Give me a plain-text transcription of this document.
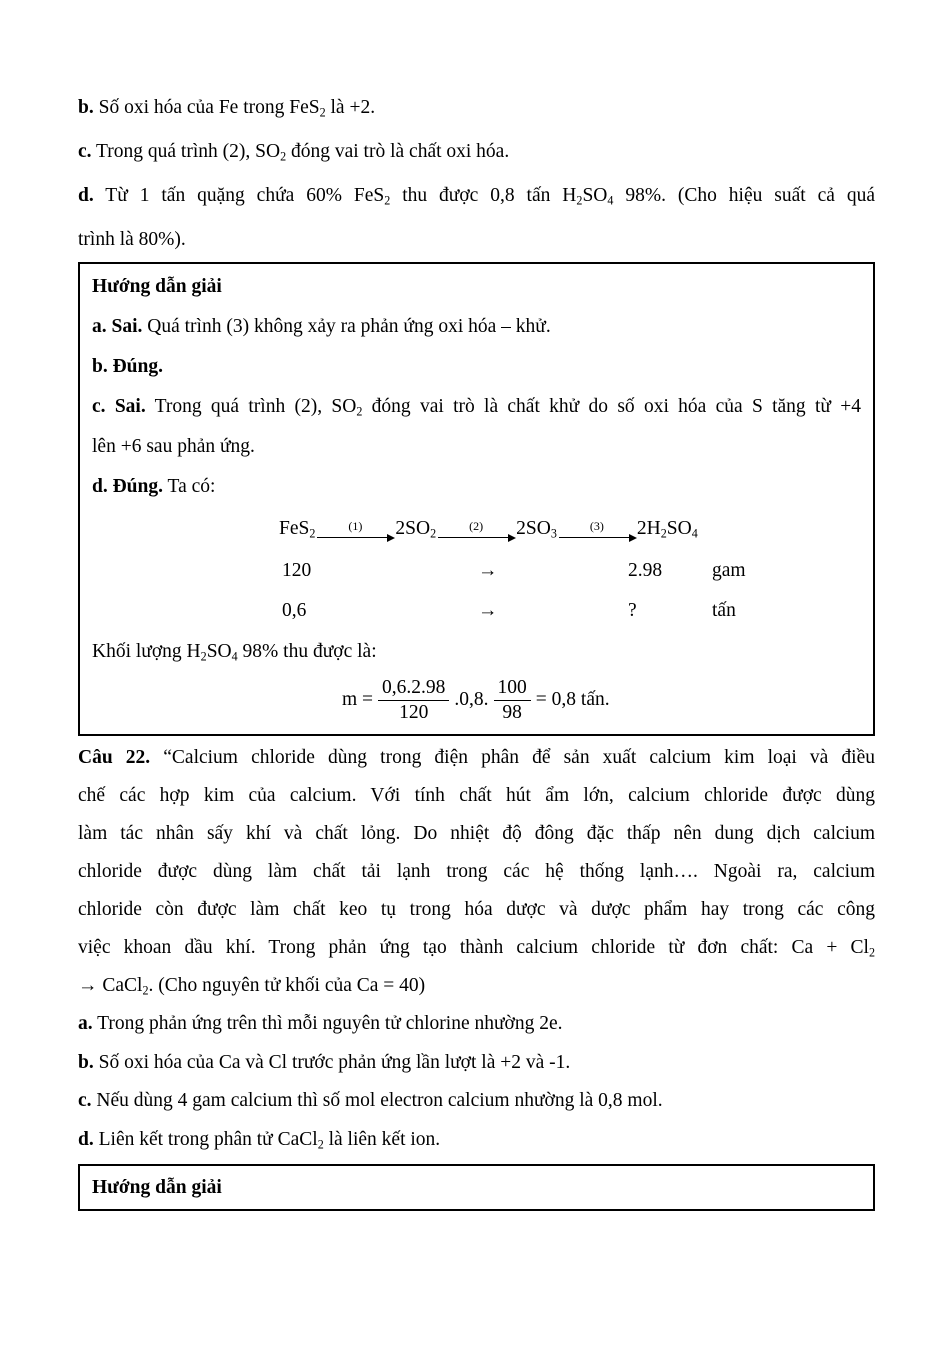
b. Số oxi hóa của Fe trong FeS$_2$ là +2.
c. Trong quá trình (2), $SO_2$ đóng vai trò là chất oxi hóa.
d. Từ 1 tấn quặng chứa 60% FeS$_2$ thu được 0,8 tấn $H_2SO_4$ 98%. (Cho hiệu suất cả quá
trình là 80%).
Hướng dẫn giải
a. Sai. Quá trình (3) không xảy ra phản ứng oxi hóa – khử.
b. Đúng.
c. Sai. Trong quá trình (2), $SO_2$ đóng vai trò là chất khử do số oxi hóa của S tăng từ +4
lên +6 sau phản ứng.
d. Đúng. Ta có:
FeS$_2$
(1) $2SO_2$
(2) $2SO_3$
(3) $2H_2SO_4$
120	→	2.98	gam
0,6	→	?	tấn
Khối lượng $H_2SO_4$ 98% thu được là:
$m = \frac{0,6.2.98}{120} .0,8$. $\frac{100}{98} = 0,8$ tấn.
Câu 22. “Calcium chloride dùng trong điện phân để sản xuất calcium kim loại và điều
chế các hợp kim của calcium. Với tính chất hút ẩm lớn, calcium chloride được dùng
làm tác nhân sấy khí và chất lỏng. Do nhiệt độ đông đặc thấp nên dung dịch calcium
chloride được dùng làm chất tải lạnh trong các hệ thống lạnh…. Ngoài ra, calcium
chloride còn được làm chất keo tụ trong hóa dược và dược phẩm hay trong các công
việc khoan dầu khí. Trong phản ứng tạo thành calcium chloride từ đơn chất: $Ca + Cl_2$
→ CaCl$_2$. (Cho nguyên tử khối của Ca = 40)
a. Trong phản ứng trên thì mỗi nguyên tử chlorine nhường 2e.
b. Số oxi hóa của Ca và Cl trước phản ứng lần lượt là +2 và -1.
c. Nếu dùng 4 gam calcium thì số mol electron calcium nhường là 0,8 mol.
d. Liên kết trong phân tử CaCl$_2$ là liên kết ion.
Hướng dẫn giải
